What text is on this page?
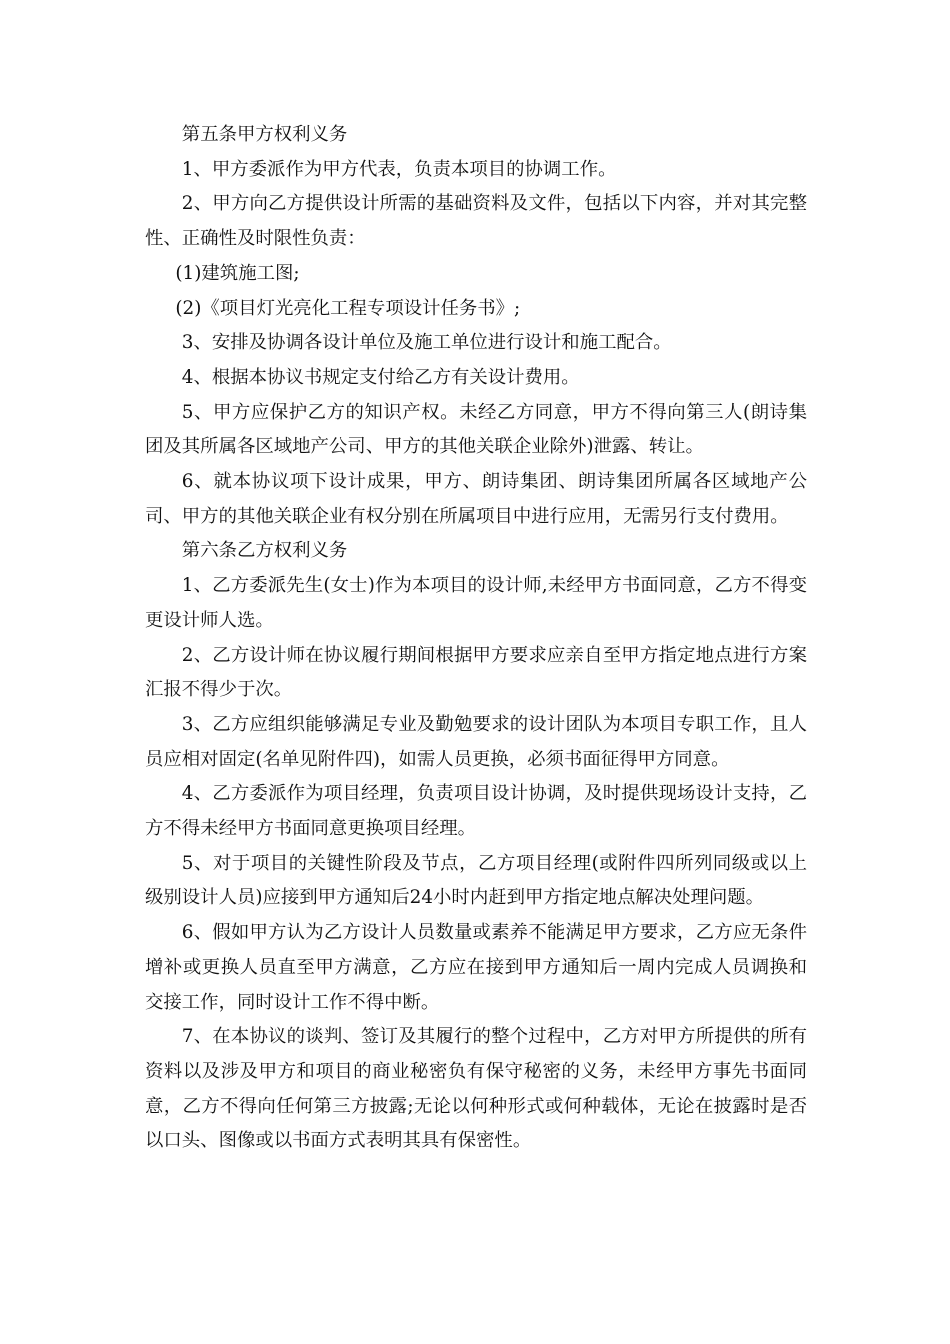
第五条甲方权利义务

1、甲方委派作为甲方代表，负责本项目的协调工作。

2、甲方向乙方提供设计所需的基础资料及文件，包括以下内容，并对其完整性、正确性及时限性负责：

(1)建筑施工图;

(2)《项目灯光亮化工程专项设计任务书》;

3、安排及协调各设计单位及施工单位进行设计和施工配合。

4、根据本协议书规定支付给乙方有关设计费用。

5、甲方应保护乙方的知识产权。未经乙方同意，甲方不得向第三人(朗诗集团及其所属各区域地产公司、甲方的其他关联企业除外)泄露、转让。

6、就本协议项下设计成果，甲方、朗诗集团、朗诗集团所属各区域地产公司、甲方的其他关联企业有权分别在所属项目中进行应用，无需另行支付费用。

第六条乙方权利义务

1、乙方委派先生(女士)作为本项目的设计师,未经甲方书面同意，乙方不得变更设计师人选。

2、乙方设计师在协议履行期间根据甲方要求应亲自至甲方指定地点进行方案汇报不得少于次。

3、乙方应组织能够满足专业及勤勉要求的设计团队为本项目专职工作，且人员应相对固定(名单见附件四)，如需人员更换，必须书面征得甲方同意。

4、乙方委派作为项目经理，负责项目设计协调，及时提供现场设计支持，乙方不得未经甲方书面同意更换项目经理。

5、对于项目的关键性阶段及节点，乙方项目经理(或附件四所列同级或以上级别设计人员)应接到甲方通知后24小时内赶到甲方指定地点解决处理问题。

6、假如甲方认为乙方设计人员数量或素养不能满足甲方要求，乙方应无条件增补或更换人员直至甲方满意，乙方应在接到甲方通知后一周内完成人员调换和交接工作，同时设计工作不得中断。

7、在本协议的谈判、签订及其履行的整个过程中，乙方对甲方所提供的所有资料以及涉及甲方和项目的商业秘密负有保守秘密的义务，未经甲方事先书面同意，乙方不得向任何第三方披露;无论以何种形式或何种载体，无论在披露时是否以口头、图像或以书面方式表明其具有保密性。
